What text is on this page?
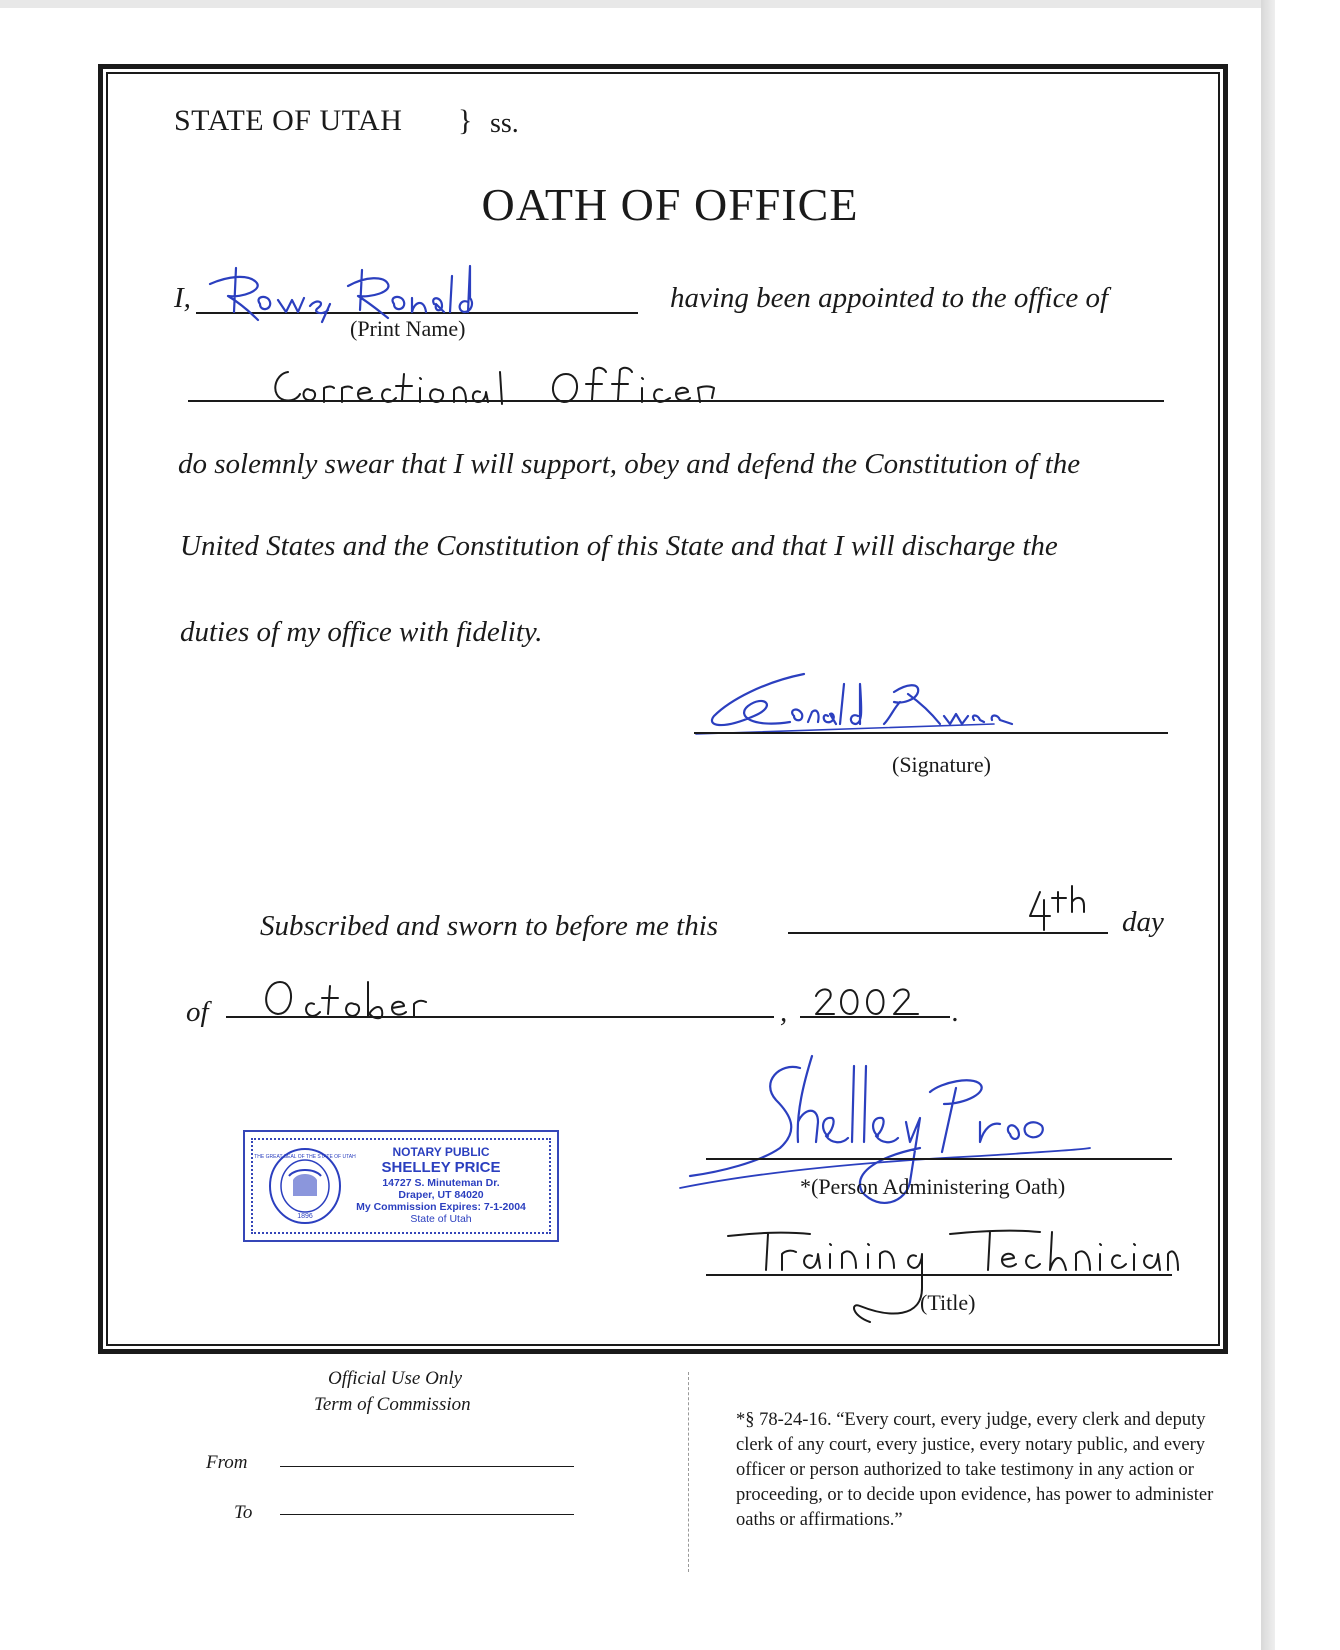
STATE OF UTAH } ss.
OATH OF OFFICE
I,	having been appointed to the office of
(Print Name)
do solemnly swear that I will support, obey and defend the Constitution of the
United States and the Constitution of this State and that I will discharge the
duties of my office with fidelity.
(Signature)
Subscribed and sworn to before me this	day
of	,	.
1896
THE GREAT SEAL OF THE STATE OF UTAH	NOTARY PUBLIC
SHELLEY PRICE
14727 S. Minuteman Dr.
Draper, UT 84020
My Commission Expires: 7-1-2004
State of Utah
*(Person Administering Oath)
(Title)
Official Use Only
Term of Commission
From
To
*§ 78-24-16. “Every court, every judge, every clerk and deputy clerk of any court, every justice, every notary public, and every officer or person authorized to take testimony in any action or proceeding, or to decide upon evidence, has power to administer oaths or affirmations.”
